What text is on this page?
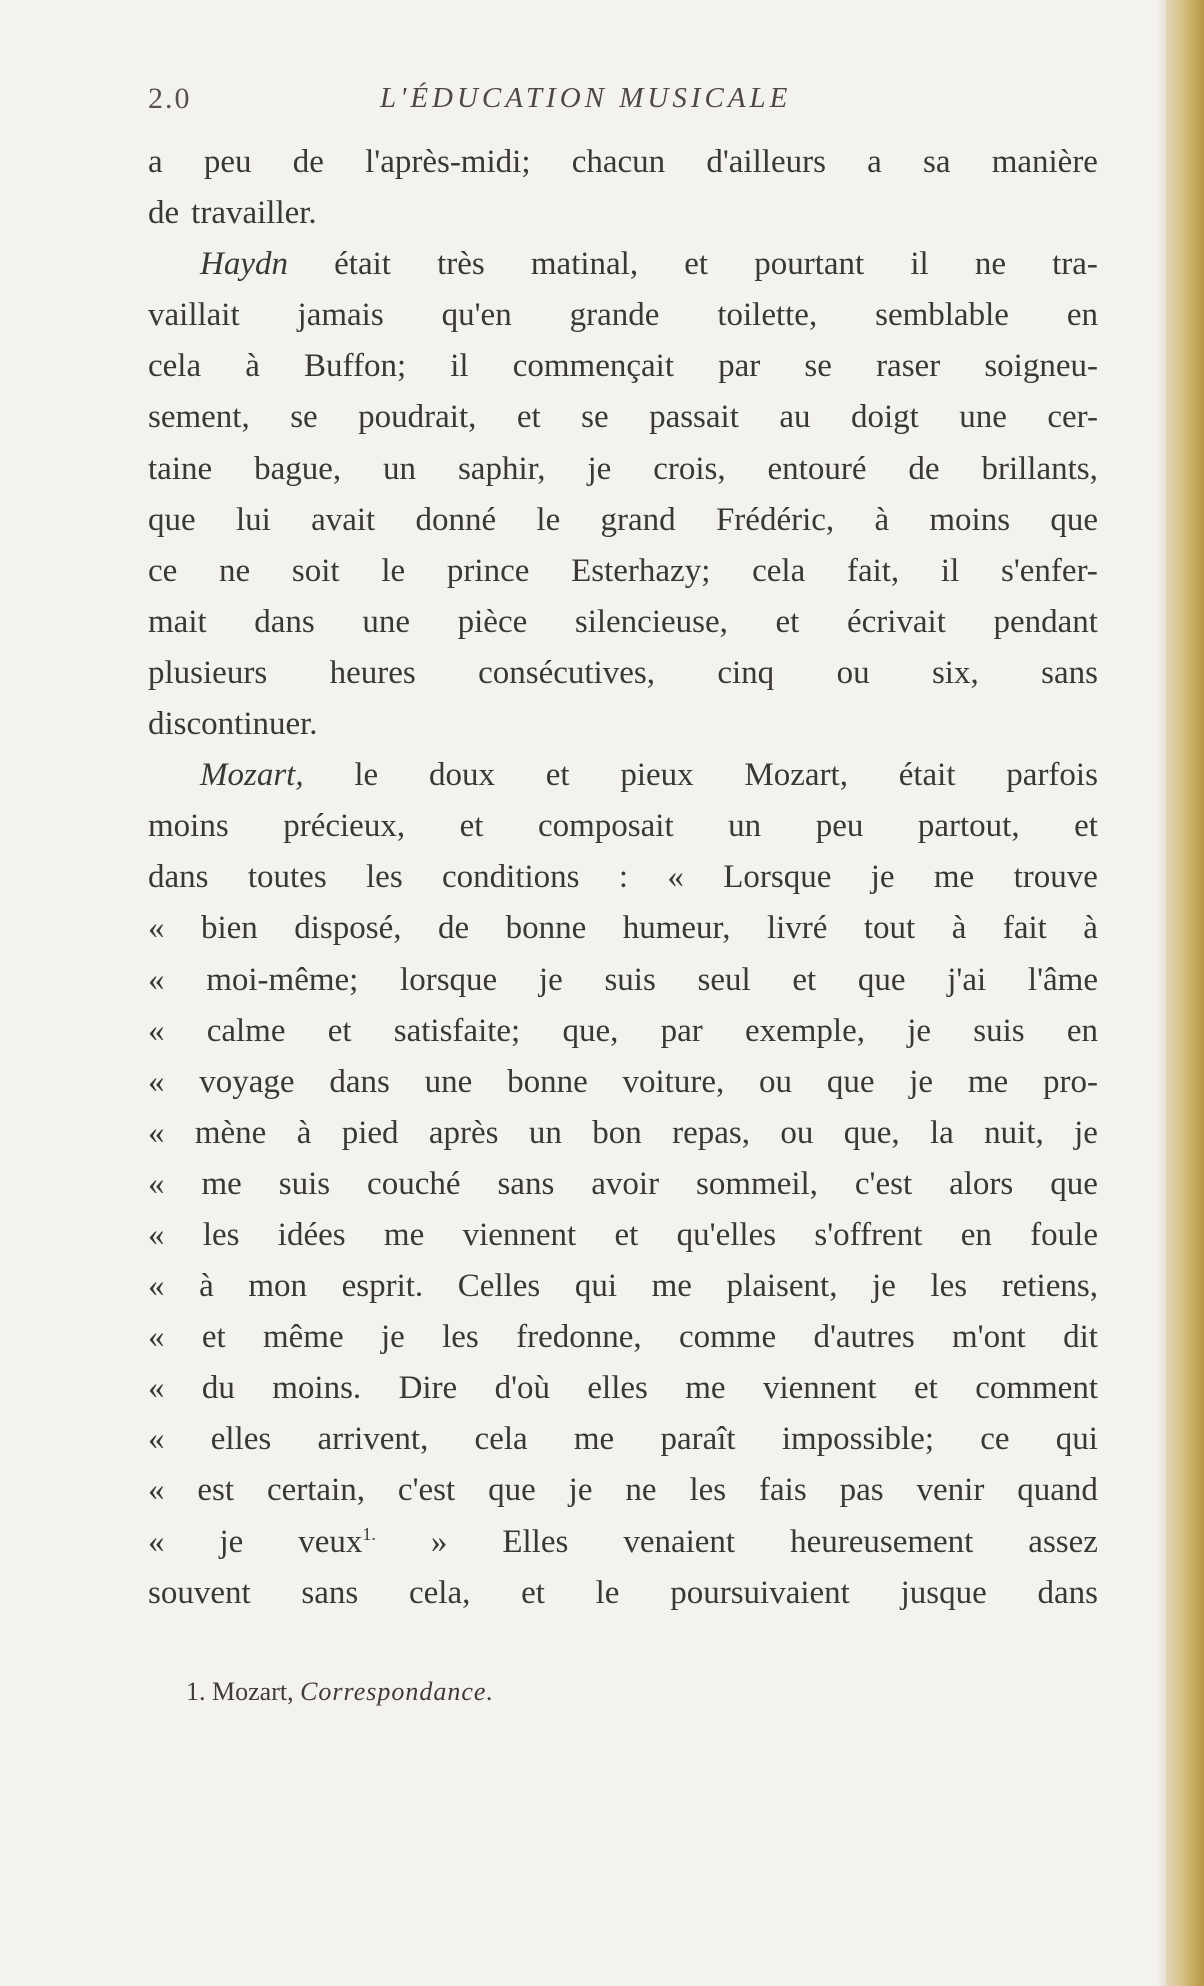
2.0	L'ÉDUCATION MUSICALE
a peu de l'après-midi; chacun d'ailleurs a sa manière
de travailler.
Haydn était très matinal, et pourtant il ne tra-
vaillait jamais qu'en grande toilette, semblable en
cela à Buffon; il commençait par se raser soigneu-
sement, se poudrait, et se passait au doigt une cer-
taine bague, un saphir, je crois, entouré de brillants,
que lui avait donné le grand Frédéric, à moins que
ce ne soit le prince Esterhazy; cela fait, il s'enfer-
mait dans une pièce silencieuse, et écrivait pendant
plusieurs heures consécutives, cinq ou six, sans
discontinuer.
Mozart, le doux et pieux Mozart, était parfois
moins précieux, et composait un peu partout, et
dans toutes les conditions : « Lorsque je me trouve
« bien disposé, de bonne humeur, livré tout à fait à
« moi-même; lorsque je suis seul et que j'ai l'âme
« calme et satisfaite; que, par exemple, je suis en
« voyage dans une bonne voiture, ou que je me pro-
« mène à pied après un bon repas, ou que, la nuit, je
« me suis couché sans avoir sommeil, c'est alors que
« les idées me viennent et qu'elles s'offrent en foule
« à mon esprit. Celles qui me plaisent, je les retiens,
« et même je les fredonne, comme d'autres m'ont dit
« du moins. Dire d'où elles me viennent et comment
« elles arrivent, cela me paraît impossible; ce qui
« est certain, c'est que je ne les fais pas venir quand
« je veux$^{1.}$ » Elles venaient heureusement assez
souvent sans cela, et le poursuivaient jusque dans
1. Mozart, Correspondance.
